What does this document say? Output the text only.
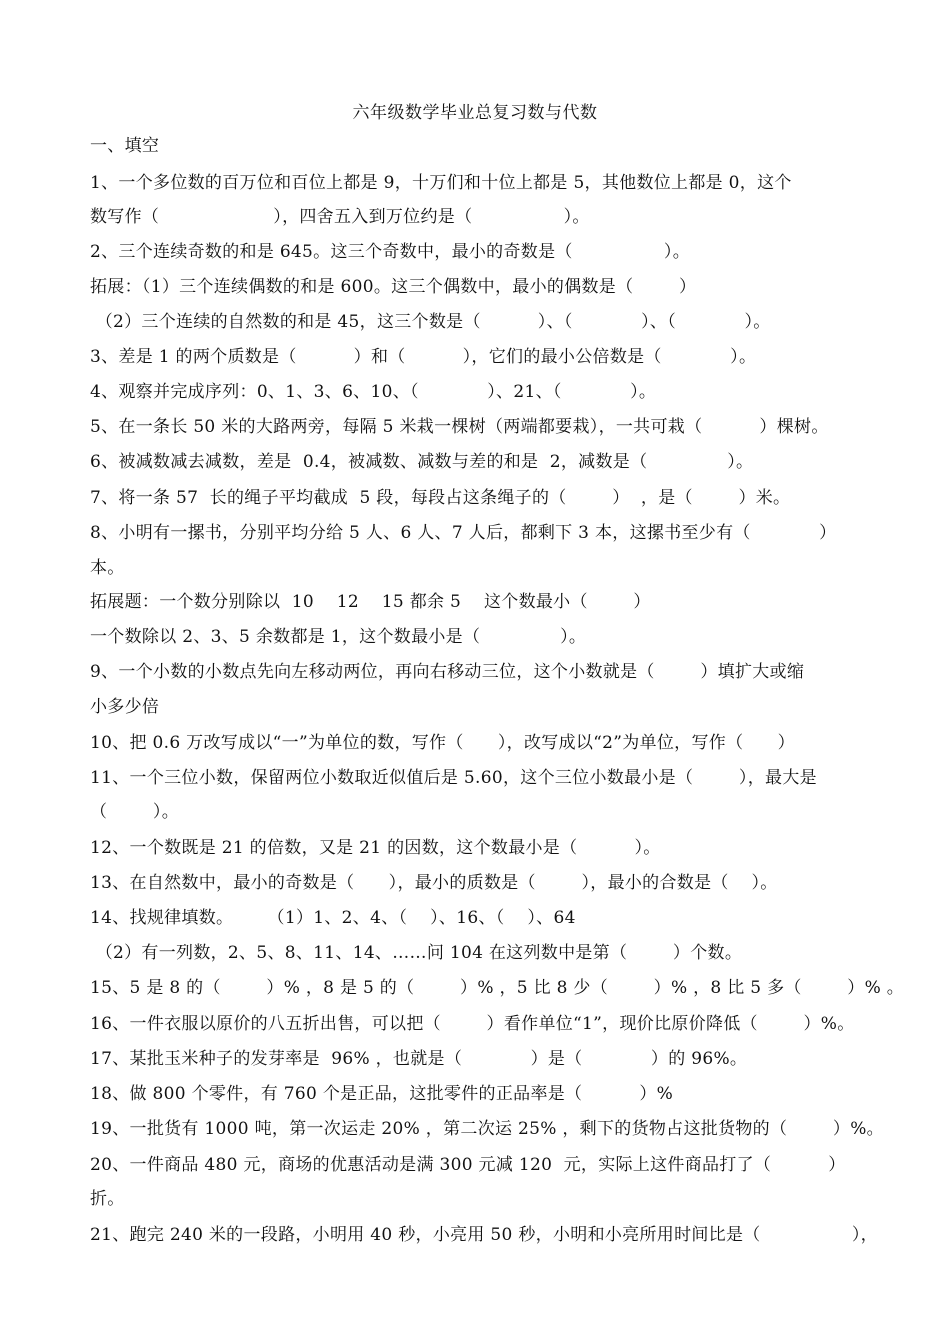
六年级数学毕业总复习数与代数
一、填空
1、一个多位数的百万位和百位上都是 9，十万们和十位上都是 5，其他数位上都是 0，这个
数写作（                    ），四舍五入到万位约是（                ）。
2、三个连续奇数的和是 645。这三个奇数中，最小的奇数是（                ）。
拓展：（1）三个连续偶数的和是 600。这三个偶数中，最小的偶数是（        ）
（2）三个连续的自然数的和是 45，这三个数是（          ）、（            ）、（            ）。
3、差是 1 的两个质数是（          ）和（          ），它们的最小公倍数是（            ）。
4、观察并完成序列：0、1、3、6、10、（            ）、21、（            ）。
5、在一条长 50 米的大路两旁，每隔 5 米栽一棵树（两端都要栽），一共可栽（          ）棵树。
6、被减数减去减数，差是  0.4，被减数、减数与差的和是  2，减数是（              ）。
7、将一条 57  长的绳子平均截成  5 段，每段占这条绳子的（        ）  ，是（        ）米。
8、小明有一摞书，分别平均分给 5 人、6 人、7 人后，都剩下 3 本，这摞书至少有（            ）
本。
拓展题：一个数分别除以  10    12    15 都余 5    这个数最小（        ）
一个数除以 2、3、5 余数都是 1，这个数最小是（              ）。
9、一个小数的小数点先向左移动两位，再向右移动三位，这个小数就是（        ）填扩大或缩
小多少倍
10、把 0.6 万改写成以“一”为单位的数，写作（      ），改写成以“2”为单位，写作（      ）
11、一个三位小数，保留两位小数取近似值后是 5.60，这个三位小数最小是（        ），最大是
（        ）。
12、一个数既是 21 的倍数，又是 21 的因数，这个数最小是（          ）。
13、在自然数中，最小的奇数是（      ），最小的质数是（        ），最小的合数是（    ）。
14、找规律填数。      （1）1、2、4、（    ）、16、（    ）、64
（2）有一列数，2、5、8、11、14、……问 104 在这列数中是第（        ）个数。
15、5 是 8 的（        ）% ，8 是 5 的（        ）% ，5 比 8 少（        ）% ，8 比 5 多（        ）% 。
16、一件衣服以原价的八五折出售，可以把（        ）看作单位“1”，现价比原价降低（        ）%。
17、某批玉米种子的发芽率是  96% ，也就是（            ）是（            ）的 96%。
18、做 800 个零件，有 760 个是正品，这批零件的正品率是（          ）%
19、一批货有 1000 吨，第一次运走 20% ，第二次运 25% ，剩下的货物占这批货物的（        ）%。
20、一件商品 480 元，商场的优惠活动是满 300 元减 120  元，实际上这件商品打了（          ）
折。
21、跑完 240 米的一段路，小明用 40 秒，小亮用 50 秒，小明和小亮所用时间比是（                ），
